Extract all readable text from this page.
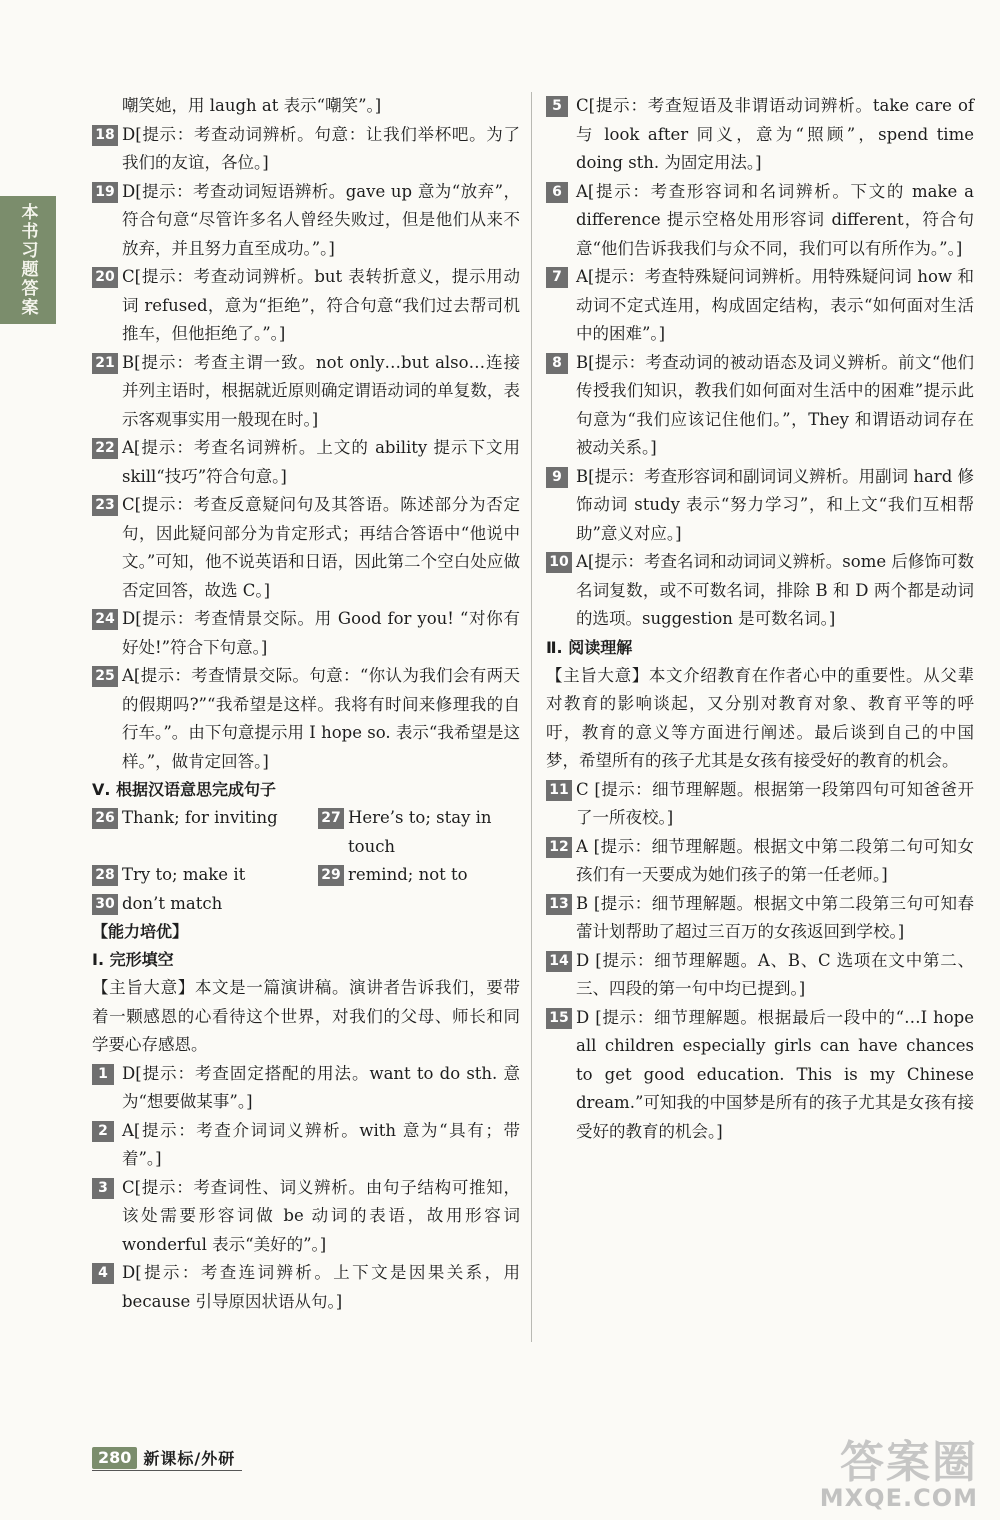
本书习题答案
嘲笑她，用 laugh at 表示“嘲笑”。]
18 D[提示：考查动词辨析。句意：让我们举杯吧。为了我们的友谊，各位。]
19 D[提示：考查动词短语辨析。gave up 意为“放弃”，符合句意“尽管许多名人曾经失败过，但是他们从来不放弃，并且努力直至成功。”。]
20 C[提示：考查动词辨析。but 表转折意义，提示用动词 refused，意为“拒绝”，符合句意“我们过去帮司机推车，但他拒绝了。”。]
21 B[提示：考查主谓一致。not only…but also…连接并列主语时，根据就近原则确定谓语动词的单复数，表示客观事实用一般现在时。]
22 A[提示：考查名词辨析。上文的 ability 提示下文用 skill“技巧”符合句意。]
23 C[提示：考查反意疑问句及其答语。陈述部分为否定句，因此疑问部分为肯定形式；再结合答语中“他说中文。”可知，他不说英语和日语，因此第二个空白处应做否定回答，故选 C。]
24 D[提示：考查情景交际。用 Good for you! “对你有好处!”符合下句意。]
25 A[提示：考查情景交际。句意：“你认为我们会有两天的假期吗?”“我希望是这样。我将有时间来修理我的自行车。”。由下句意提示用 I hope so. 表示“我希望是这样。”，做肯定回答。]
Ⅴ. 根据汉语意思完成句子
26 Thank; for inviting	27 Here’s to; stay in touch
28 Try to; make it	29 remind; not to
30 don’t match
【能力培优】
Ⅰ. 完形填空
【主旨大意】本文是一篇演讲稿。演讲者告诉我们，要带着一颗感恩的心看待这个世界，对我们的父母、师长和同学要心存感恩。
1 D[提示：考查固定搭配的用法。want to do sth. 意为“想要做某事”。]
2 A[提示：考查介词词义辨析。with 意为“具有；带着”。]
3 C[提示：考查词性、词义辨析。由句子结构可推知，该处需要形容词做 be 动词的表语，故用形容词 wonderful 表示“美好的”。]
4 D[提示：考查连词辨析。上下文是因果关系，用 because 引导原因状语从句。]
5 C[提示：考查短语及非谓语动词辨析。take care of 与 look after 同义，意为“照顾”，spend time doing sth. 为固定用法。]
6 A[提示：考查形容词和名词辨析。下文的 make a difference 提示空格处用形容词 different，符合句意“他们告诉我我们与众不同，我们可以有所作为。”。]
7 A[提示：考查特殊疑问词辨析。用特殊疑问词 how 和动词不定式连用，构成固定结构，表示“如何面对生活中的困难”。]
8 B[提示：考查动词的被动语态及词义辨析。前文“他们传授我们知识，教我们如何面对生活中的困难”提示此句意为“我们应该记住他们。”，They 和谓语动词存在被动关系。]
9 B[提示：考查形容词和副词词义辨析。用副词 hard 修饰动词 study 表示“努力学习”，和上文“我们互相帮助”意义对应。]
10 A[提示：考查名词和动词词义辨析。some 后修饰可数名词复数，或不可数名词，排除 B 和 D 两个都是动词的选项。suggestion 是可数名词。]
Ⅱ. 阅读理解
【主旨大意】本文介绍教育在作者心中的重要性。从父辈对教育的影响谈起，又分别对教育对象、教育平等的呼吁，教育的意义等方面进行阐述。最后谈到自己的中国梦，希望所有的孩子尤其是女孩有接受好的教育的机会。
11 C [提示：细节理解题。根据第一段第四句可知爸爸开了一所夜校。]
12 A [提示：细节理解题。根据文中第二段第二句可知女孩们有一天要成为她们孩子的第一任老师。]
13 B [提示：细节理解题。根据文中第二段第三句可知春蕾计划帮助了超过三百万的女孩返回到学校。]
14 D [提示：细节理解题。A、B、C 选项在文中第二、三、四段的第一句中均已提到。]
15 D [提示：细节理解题。根据最后一段中的“…I hope all children especially girls can have chances to get good education. This is my Chinese dream.”可知我的中国梦是所有的孩子尤其是女孩有接受好的教育的机会。]
280 新课标/外研	答案圈
MXQE.COM
